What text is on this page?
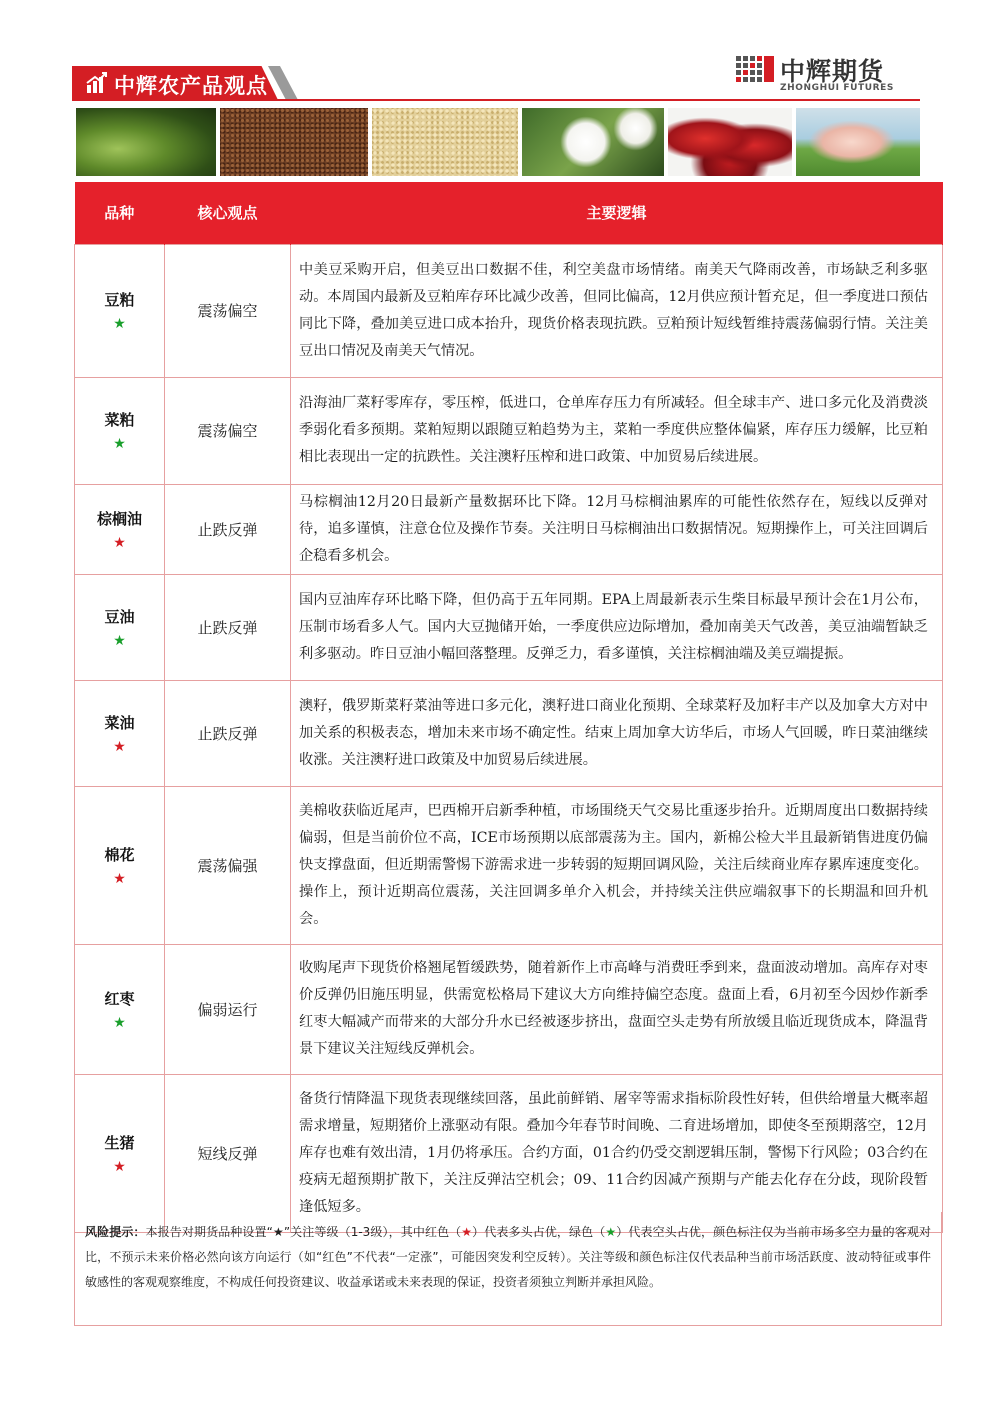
中辉农产品观点	中辉期货
ZHONGHUI FUTURES
品种	核心观点	主要逻辑

豆粕
★	震荡偏空	中美豆采购开启，但美豆出口数据不佳，利空美盘市场情绪。南美天气降雨改善，市场缺乏利多驱动。本周国内最新及豆粕库存环比减少改善，但同比偏高，12月供应预计暂充足，但一季度进口预估同比下降，叠加美豆进口成本抬升，现货价格表现抗跌。豆粕预计短线暂维持震荡偏弱行情。关注美豆出口情况及南美天气情况。

菜粕
★	震荡偏空	沿海油厂菜籽零库存，零压榨，低进口，仓单库存压力有所减轻。但全球丰产、进口多元化及消费淡季弱化看多预期。菜粕短期以跟随豆粕趋势为主，菜粕一季度供应整体偏紧，库存压力缓解，比豆粕相比表现出一定的抗跌性。关注澳籽压榨和进口政策、中加贸易后续进展。

棕榈油
★	止跌反弹	马棕榈油12月20日最新产量数据环比下降。12月马棕榈油累库的可能性依然存在，短线以反弹对待，追多谨慎，注意仓位及操作节奏。关注明日马棕榈油出口数据情况。短期操作上，可关注回调后企稳看多机会。

豆油
★	止跌反弹	国内豆油库存环比略下降，但仍高于五年同期。EPA上周最新表示生柴目标最早预计会在1月公布，压制市场看多人气。国内大豆抛储开始，一季度供应边际增加，叠加南美天气改善，美豆油端暂缺乏利多驱动。昨日豆油小幅回落整理。反弹乏力，看多谨慎，关注棕榈油端及美豆端提振。

菜油
★	止跌反弹	澳籽，俄罗斯菜籽菜油等进口多元化，澳籽进口商业化预期、全球菜籽及加籽丰产以及加拿大方对中加关系的积极表态，增加未来市场不确定性。结束上周加拿大访华后，市场人气回暖，昨日菜油继续收涨。关注澳籽进口政策及中加贸易后续进展。

棉花
★	震荡偏强	美棉收获临近尾声，巴西棉开启新季种植，市场围绕天气交易比重逐步抬升。近期周度出口数据持续偏弱，但是当前价位不高，ICE市场预期以底部震荡为主。国内，新棉公检大半且最新销售进度仍偏快支撑盘面，但近期需警惕下游需求进一步转弱的短期回调风险，关注后续商业库存累库速度变化。操作上，预计近期高位震荡，关注回调多单介入机会，并持续关注供应端叙事下的长期温和回升机会。

红枣
★	偏弱运行	收购尾声下现货价格翘尾暂缓跌势，随着新作上市高峰与消费旺季到来，盘面波动增加。高库存对枣价反弹仍旧施压明显，供需宽松格局下建议大方向维持偏空态度。盘面上看，6月初至今因炒作新季红枣大幅减产而带来的大部分升水已经被逐步挤出，盘面空头走势有所放缓且临近现货成本，降温背景下建议关注短线反弹机会。

生猪
★	短线反弹	备货行情降温下现货表现继续回落，虽此前鲜销、屠宰等需求指标阶段性好转，但供给增量大概率超需求增量，短期猪价上涨驱动有限。叠加今年春节时间晚、二育进场增加，即使冬至预期落空，12月库存也难有效出清，1月仍将承压。合约方面，01合约仍受交割逻辑压制，警惕下行风险；03合约在疫病无超预期扩散下，关注反弹沽空机会；09、11合约因减产预期与产能去化存在分歧，现阶段暂逢低短多。
风险提示：本报告对期货品种设置“★”关注等级（1-3级），其中红色（★）代表多头占优，绿色（★）代表空头占优，颜色标注仅为当前市场多空力量的客观对比，不预示未来价格必然向该方向运行（如“红色”不代表“一定涨”，可能因突发利空反转）。关注等级和颜色标注仅代表品种当前市场活跃度、波动特征或事件敏感性的客观观察维度，不构成任何投资建议、收益承诺或未来表现的保证，投资者须独立判断并承担风险。
